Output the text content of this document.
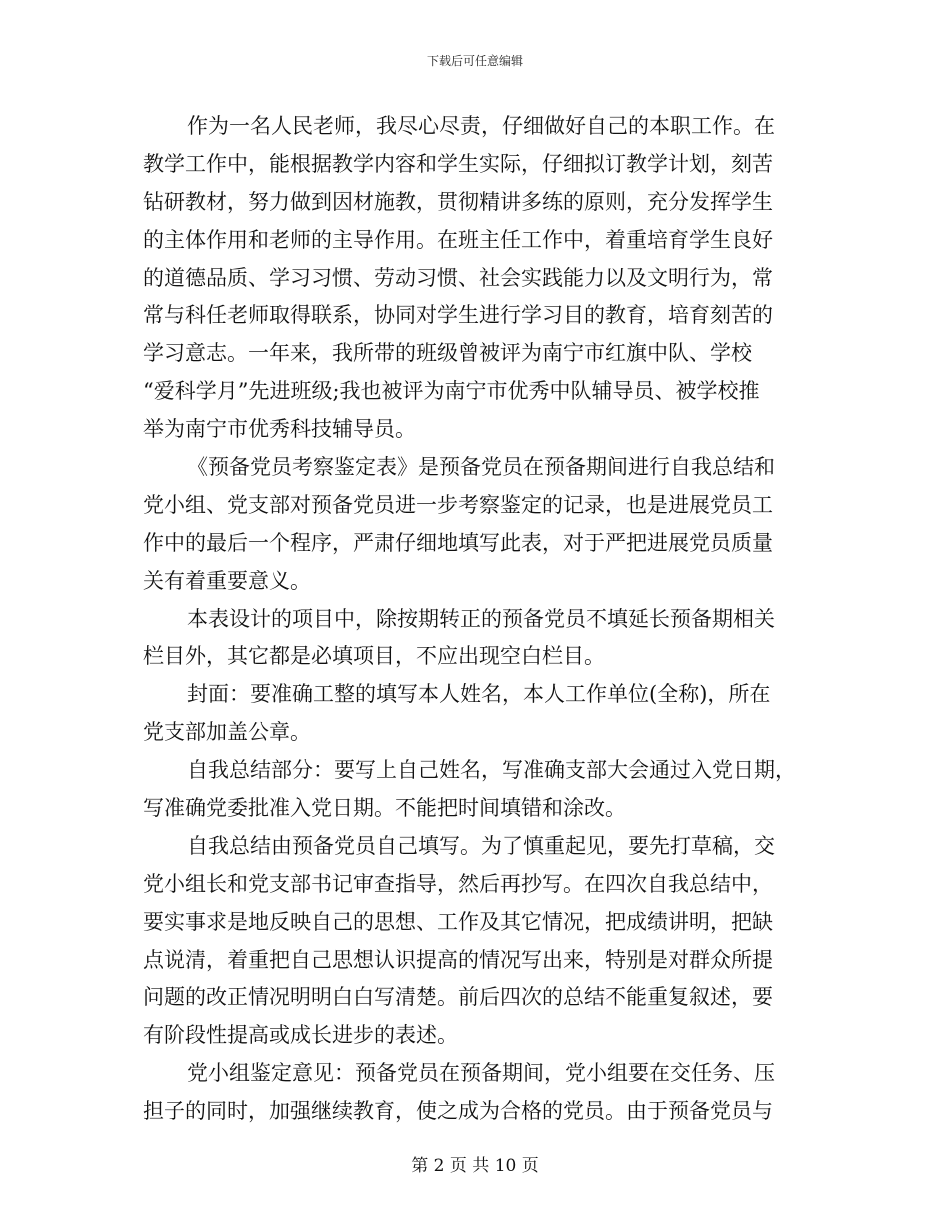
下载后可任意编辑
作为一名人民老师，我尽心尽责，仔细做好自己的本职工作。在
教学工作中，能根据教学内容和学生实际，仔细拟订教学计划，刻苦
钻研教材，努力做到因材施教，贯彻精讲多练的原则，充分发挥学生
的主体作用和老师的主导作用。在班主任工作中，着重培育学生良好
的道德品质、学习习惯、劳动习惯、社会实践能力以及文明行为，常
常与科任老师取得联系，协同对学生进行学习目的教育，培育刻苦的
学习意志。一年来，我所带的班级曾被评为南宁市红旗中队、学校
“爱科学月”先进班级;我也被评为南宁市优秀中队辅导员、被学校推
举为南宁市优秀科技辅导员。
《预备党员考察鉴定表》是预备党员在预备期间进行自我总结和
党小组、党支部对预备党员进一步考察鉴定的记录，也是进展党员工
作中的最后一个程序，严肃仔细地填写此表，对于严把进展党员质量
关有着重要意义。
本表设计的项目中，除按期转正的预备党员不填延长预备期相关
栏目外，其它都是必填项目，不应出现空白栏目。
封面：要准确工整的填写本人姓名，本人工作单位(全称)，所在
党支部加盖公章。
自我总结部分：要写上自己姓名，写准确支部大会通过入党日期，
写准确党委批准入党日期。不能把时间填错和涂改。
自我总结由预备党员自己填写。为了慎重起见，要先打草稿，交
党小组长和党支部书记审查指导，然后再抄写。在四次自我总结中，
要实事求是地反映自己的思想、工作及其它情况，把成绩讲明，把缺
点说清，着重把自己思想认识提高的情况写出来，特别是对群众所提
问题的改正情况明明白白写清楚。前后四次的总结不能重复叙述，要
有阶段性提高或成长进步的表述。
党小组鉴定意见：预备党员在预备期间，党小组要在交任务、压
担子的同时，加强继续教育，使之成为合格的党员。由于预备党员与
第 2 页 共 10 页
